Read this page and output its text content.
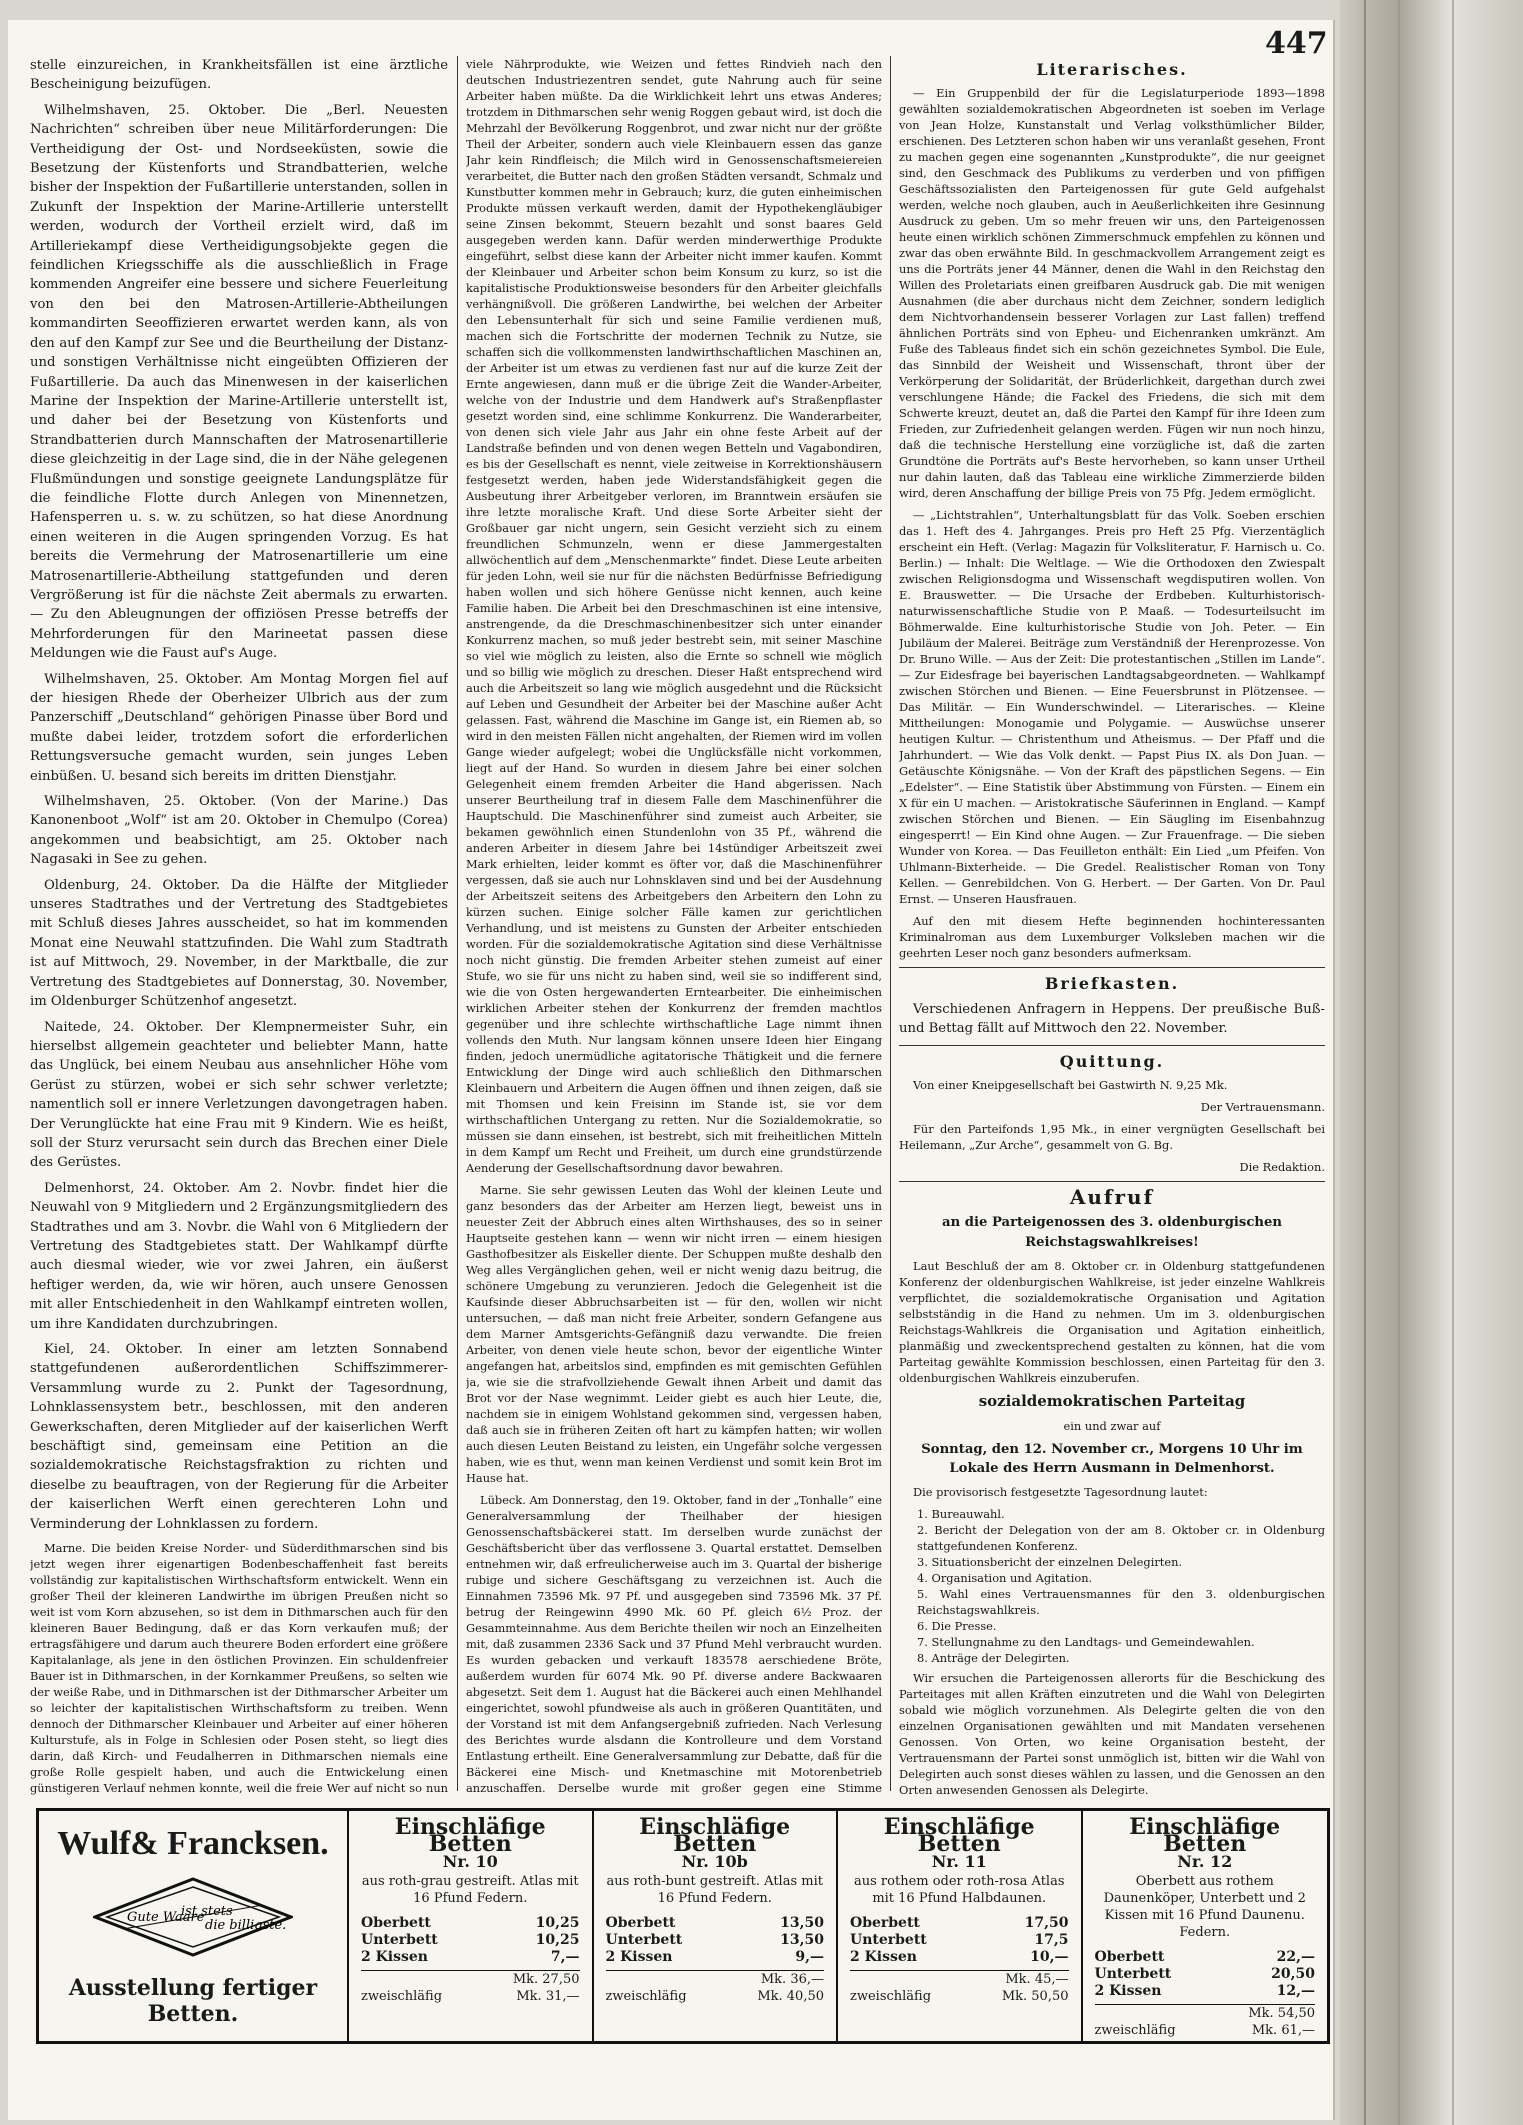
447

stelle einzureichen, in Krankheitsfällen ist eine ärztliche Bescheinigung beizufügen.

Wilhelmshaven, 25. Oktober. Die „Berl. Neuesten Nachrichten“ schreiben über neue Militärforderungen: Die Vertheidigung der Ost- und Nordseeküsten, sowie die Besetzung der Küstenforts und Strandbatterien, welche bisher der Inspektion der Fußartillerie unterstanden, sollen in Zukunft der Inspektion der Marine-Artillerie unterstellt werden, wodurch der Vortheil erzielt wird, daß im Artilleriekampf diese Vertheidigungsobjekte gegen die feindlichen Kriegsschiffe als die ausschließlich in Frage kommenden Angreifer eine bessere und sichere Feuerleitung von den bei den Matrosen-Artillerie-Abtheilungen kommandirten Seeoffizieren erwartet werden kann, als von den auf den Kampf zur See und die Beurtheilung der Distanz- und sonstigen Verhältnisse nicht eingeübten Offizieren der Fußartillerie. Da auch das Minenwesen in der kaiserlichen Marine der Inspektion der Marine-Artillerie unterstellt ist, und daher bei der Besetzung von Küstenforts und Strandbatterien durch Mannschaften der Matrosenartillerie diese gleichzeitig in der Lage sind, die in der Nähe gelegenen Flußmündungen und sonstige geeignete Landungsplätze für die feindliche Flotte durch Anlegen von Minennetzen, Hafensperren u. s. w. zu schützen, so hat diese Anordnung einen weiteren in die Augen springenden Vorzug. Es hat bereits die Vermehrung der Matrosenartillerie um eine Matrosenartillerie-Abtheilung stattgefunden und deren Vergrößerung ist für die nächste Zeit abermals zu erwarten. — Zu den Ableugnungen der offiziösen Presse betreffs der Mehrforderungen für den Marineetat passen diese Meldungen wie die Faust auf's Auge.

Wilhelmshaven, 25. Oktober. Am Montag Morgen fiel auf der hiesigen Rhede der Oberheizer Ulbrich aus der zum Panzerschiff „Deutschland“ gehörigen Pinasse über Bord und mußte dabei leider, trotzdem sofort die erforderlichen Rettungsversuche gemacht wurden, sein junges Leben einbüßen. U. besand sich bereits im dritten Dienstjahr.

Wilhelmshaven, 25. Oktober. (Von der Marine.) Das Kanonenboot „Wolf“ ist am 20. Oktober in Chemulpo (Corea) angekommen und beabsichtigt, am 25. Oktober nach Nagasaki in See zu gehen.

Oldenburg, 24. Oktober. Da die Hälfte der Mitglieder unseres Stadtrathes und der Vertretung des Stadtgebietes mit Schluß dieses Jahres ausscheidet, so hat im kommenden Monat eine Neuwahl stattzufinden. Die Wahl zum Stadtrath ist auf Mittwoch, 29. November, in der Marktballe, die zur Vertretung des Stadtgebietes auf Donnerstag, 30. November, im Oldenburger Schützenhof angesetzt.

Naitede, 24. Oktober. Der Klempnermeister Suhr, ein hierselbst allgemein geachteter und beliebter Mann, hatte das Unglück, bei einem Neubau aus ansehnlicher Höhe vom Gerüst zu stürzen, wobei er sich sehr schwer verletzte; namentlich soll er innere Verletzungen davongetragen haben. Der Verunglückte hat eine Frau mit 9 Kindern. Wie es heißt, soll der Sturz verursacht sein durch das Brechen einer Diele des Gerüstes.

Delmenhorst, 24. Oktober. Am 2. Novbr. findet hier die Neuwahl von 9 Mitgliedern und 2 Ergänzungsmitgliedern des Stadtrathes und am 3. Novbr. die Wahl von 6 Mitgliedern der Vertretung des Stadtgebietes statt. Der Wahlkampf dürfte auch diesmal wieder, wie vor zwei Jahren, ein äußerst heftiger werden, da, wie wir hören, auch unsere Genossen mit aller Entschiedenheit in den Wahlkampf eintreten wollen, um ihre Kandidaten durchzubringen.

Kiel, 24. Oktober. In einer am letzten Sonnabend stattgefundenen außerordentlichen Schiffszimmerer-Versammlung wurde zu 2. Punkt der Tagesordnung, Lohnklassensystem betr., beschlossen, mit den anderen Gewerkschaften, deren Mitglieder auf der kaiserlichen Werft beschäftigt sind, gemeinsam eine Petition an die sozialdemokratische Reichstagsfraktion zu richten und dieselbe zu beauftragen, von der Regierung für die Arbeiter der kaiserlichen Werft einen gerechteren Lohn und Verminderung der Lohnklassen zu fordern.

Marne. Die beiden Kreise Norder- und Süderdithmarschen sind bis jetzt wegen ihrer eigenartigen Bodenbeschaffenheit fast bereits vollständig zur kapitalistischen Wirthschaftsform entwickelt. Wenn ein großer Theil der kleineren Landwirthe im übrigen Preußen nicht so weit ist vom Korn abzusehen, so ist dem in Dithmarschen auch für den kleineren Bauer Bedingung, daß er das Korn verkaufen muß; der ertragsfähigere und darum auch theurere Boden erfordert eine größere Kapitalanlage, als jene in den östlichen Provinzen. Ein schuldenfreier Bauer ist in Dithmarschen, in der Kornkammer Preußens, so selten wie der weiße Rabe, und in Dithmarschen ist der Dithmarscher Arbeiter um so leichter der kapitalistischen Wirthschaftsform zu treiben. Wenn dennoch der Dithmarscher Kleinbauer und Arbeiter auf einer höheren Kulturstufe, als in Folge in Schlesien oder Posen steht, so liegt dies darin, daß Kirch- und Feudalherren in Dithmarschen niemals eine große Rolle gespielt haben, und auch die Entwickelung einen günstigeren Verlauf nehmen konnte, weil die freie Wer auf nicht so nun

viele Nährprodukte, wie Weizen und fettes Rindvieh nach den deutschen Industriezentren sendet, gute Nahrung auch für seine Arbeiter haben müßte. Da die Wirklichkeit lehrt uns etwas Anderes; trotzdem in Dithmarschen sehr wenig Roggen gebaut wird, ist doch die Mehrzahl der Bevölkerung Roggenbrot, und zwar nicht nur der größte Theil der Arbeiter, sondern auch viele Kleinbauern essen das ganze Jahr kein Rindfleisch; die Milch wird in Genossenschaftsmeiereien verarbeitet, die Butter nach den großen Städten versandt, Schmalz und Kunstbutter kommen mehr in Gebrauch; kurz, die guten einheimischen Produkte müssen verkauft werden, damit der Hypothekengläubiger seine Zinsen bekommt, Steuern bezahlt und sonst baares Geld ausgegeben werden kann. Dafür werden minderwerthige Produkte eingeführt, selbst diese kann der Arbeiter nicht immer kaufen. Kommt der Kleinbauer und Arbeiter schon beim Konsum zu kurz, so ist die kapitalistische Produktionsweise besonders für den Arbeiter gleichfalls verhängnißvoll. Die größeren Landwirthe, bei welchen der Arbeiter den Lebensunterhalt für sich und seine Familie verdienen muß, machen sich die Fortschritte der modernen Technik zu Nutze, sie schaffen sich die vollkommensten landwirthschaftlichen Maschinen an, der Arbeiter ist um etwas zu verdienen fast nur auf die kurze Zeit der Ernte angewiesen, dann muß er die übrige Zeit die Wander-Arbeiter, welche von der Industrie und dem Handwerk auf's Straßenpflaster gesetzt worden sind, eine schlimme Konkurrenz. Die Wanderarbeiter, von denen sich viele Jahr aus Jahr ein ohne feste Arbeit auf der Landstraße befinden und von denen wegen Betteln und Vagabondiren, es bis der Gesellschaft es nennt, viele zeitweise in Korrektionshäusern festgesetzt werden, haben jede Widerstandsfähigkeit gegen die Ausbeutung ihrer Arbeitgeber verloren, im Branntwein ersäufen sie ihre letzte moralische Kraft. Und diese Sorte Arbeiter sieht der Großbauer gar nicht ungern, sein Gesicht verzieht sich zu einem freundlichen Schmunzeln, wenn er diese Jammergestalten allwöchentlich auf dem „Menschenmarkte“ findet. Diese Leute arbeiten für jeden Lohn, weil sie nur für die nächsten Bedürfnisse Befriedigung haben wollen und sich höhere Genüsse nicht kennen, auch keine Familie haben. Die Arbeit bei den Dreschmaschinen ist eine intensive, anstrengende, da die Dreschmaschinenbesitzer sich unter einander Konkurrenz machen, so muß jeder bestrebt sein, mit seiner Maschine so viel wie möglich zu leisten, also die Ernte so schnell wie möglich und so billig wie möglich zu dreschen. Dieser Haßt entsprechend wird auch die Arbeitszeit so lang wie möglich ausgedehnt und die Rücksicht auf Leben und Gesundheit der Arbeiter bei der Maschine außer Acht gelassen. Fast, während die Maschine im Gange ist, ein Riemen ab, so wird in den meisten Fällen nicht angehalten, der Riemen wird im vollen Gange wieder aufgelegt; wobei die Unglücksfälle nicht vorkommen, liegt auf der Hand. So wurden in diesem Jahre bei einer solchen Gelegenheit einem fremden Arbeiter die Hand abgerissen. Nach unserer Beurtheilung traf in diesem Falle dem Maschinenführer die Hauptschuld. Die Maschinenführer sind zumeist auch Arbeiter, sie bekamen gewöhnlich einen Stundenlohn von 35 Pf., während die anderen Arbeiter in diesem Jahre bei 14stündiger Arbeitszeit zwei Mark erhielten, leider kommt es öfter vor, daß die Maschinenführer vergessen, daß sie auch nur Lohnsklaven sind und bei der Ausdehnung der Arbeitszeit seitens des Arbeitgebers den Arbeitern den Lohn zu kürzen suchen. Einige solcher Fälle kamen zur gerichtlichen Verhandlung, und ist meistens zu Gunsten der Arbeiter entschieden worden. Für die sozialdemokratische Agitation sind diese Verhältnisse noch nicht günstig. Die fremden Arbeiter stehen zumeist auf einer Stufe, wo sie für uns nicht zu haben sind, weil sie so indifferent sind, wie die von Osten hergewanderten Erntearbeiter. Die einheimischen wirklichen Arbeiter stehen der Konkurrenz der fremden machtlos gegenüber und ihre schlechte wirthschaftliche Lage nimmt ihnen vollends den Muth. Nur langsam können unsere Ideen hier Eingang finden, jedoch unermüdliche agitatorische Thätigkeit und die fernere Entwicklung der Dinge wird auch schließlich den Dithmarschen Kleinbauern und Arbeitern die Augen öffnen und ihnen zeigen, daß sie mit Thomsen und kein Freisinn im Stande ist, sie vor dem wirthschaftlichen Untergang zu retten. Nur die Sozialdemokratie, so müssen sie dann einsehen, ist bestrebt, sich mit freiheitlichen Mitteln in dem Kampf um Recht und Freiheit, um durch eine grundstürzende Aenderung der Gesellschaftsordnung davor bewahren.

Marne. Sie sehr gewissen Leuten das Wohl der kleinen Leute und ganz besonders das der Arbeiter am Herzen liegt, beweist uns in neuester Zeit der Abbruch eines alten Wirthshauses, des so in seiner Hauptseite gestehen kann — wenn wir nicht irren — einem hiesigen Gasthofbesitzer als Eiskeller diente. Der Schuppen mußte deshalb den Weg alles Vergänglichen gehen, weil er nicht wenig dazu beitrug, die schönere Umgebung zu verunzieren. Jedoch die Gelegenheit ist die Kaufsinde dieser Abbruchsarbeiten ist — für den, wollen wir nicht untersuchen, — daß man nicht freie Arbeiter, sondern Gefangene aus dem Marner Amtsgerichts-Gefängniß dazu verwandte. Die freien Arbeiter, von denen viele heute schon, bevor der eigentliche Winter angefangen hat, arbeitslos sind, empfinden es mit gemischten Gefühlen ja, wie sie die strafvollziehende Gewalt ihnen Arbeit und damit das Brot vor der Nase wegnimmt. Leider giebt es auch hier Leute, die, nachdem sie in einigem Wohlstand gekommen sind, vergessen haben, daß auch sie in früheren Zeiten oft hart zu kämpfen hatten; wir wollen auch diesen Leuten Beistand zu leisten, ein Ungefähr solche vergessen haben, wie es thut, wenn man keinen Verdienst und somit kein Brot im Hause hat.

Lübeck. Am Donnerstag, den 19. Oktober, fand in der „Tonhalle“ eine Generalversammlung der Theilhaber der hiesigen Genossenschaftsbäckerei statt. Im derselben wurde zunächst der Geschäftsbericht über das verflossene 3. Quartal erstattet. Demselben entnehmen wir, daß erfreulicherweise auch im 3. Quartal der bisherige rubige und sichere Geschäftsgang zu verzeichnen ist. Auch die Einnahmen 73596 Mk. 97 Pf. und ausgegeben sind 73596 Mk. 37 Pf. betrug der Reingewinn 4990 Mk. 60 Pf. gleich 6½ Proz. der Gesammteinnahme. Aus dem Berichte theilen wir noch an Einzelheiten mit, daß zusammen 2336 Sack und 37 Pfund Mehl verbraucht wurden. Es wurden gebacken und verkauft 183578 aerschiedene Bröte, außerdem wurden für 6074 Mk. 90 Pf. diverse andere Backwaaren abgesetzt. Seit dem 1. August hat die Bäckerei auch einen Mehlhandel eingerichtet, sowohl pfundweise als auch in größeren Quantitäten, und der Vorstand ist mit dem Anfangsergebniß zufrieden. Nach Verlesung des Berichtes wurde alsdann die Kontrolleure und dem Vorstand Entlastung ertheilt. Eine Generalversammlung zur Debatte, daß für die Bäckerei eine Misch- und Knetmaschine mit Motorenbetrieb anzuschaffen. Derselbe wurde mit großer gegen eine Stimme

Literarisches.

— Ein Gruppenbild der für die Legislaturperiode 1893—1898 gewählten sozialdemokratischen Abgeordneten ist soeben im Verlage von Jean Holze, Kunstanstalt und Verlag volksthümlicher Bilder, erschienen. Des Letzteren schon haben wir uns veranlaßt gesehen, Front zu machen gegen eine sogenannten „Kunstprodukte“, die nur geeignet sind, den Geschmack des Publikums zu verderben und von pfiffigen Geschäftssozialisten den Parteigenossen für gute Geld aufgehalst werden, welche noch glauben, auch in Aeußerlichkeiten ihre Gesinnung Ausdruck zu geben. Um so mehr freuen wir uns, den Parteigenossen heute einen wirklich schönen Zimmerschmuck empfehlen zu können und zwar das oben erwähnte Bild. In geschmackvollem Arrangement zeigt es uns die Porträts jener 44 Männer, denen die Wahl in den Reichstag den Willen des Proletariats einen greifbaren Ausdruck gab. Die mit wenigen Ausnahmen (die aber durchaus nicht dem Zeichner, sondern lediglich dem Nichtvorhandensein besserer Vorlagen zur Last fallen) treffend ähnlichen Porträts sind von Epheu- und Eichenranken umkränzt. Am Fuße des Tableaus findet sich ein schön gezeichnetes Symbol. Die Eule, das Sinnbild der Weisheit und Wissenschaft, thront über der Verkörperung der Solidarität, der Brüderlichkeit, dargethan durch zwei verschlungene Hände; die Fackel des Friedens, die sich mit dem Schwerte kreuzt, deutet an, daß die Partei den Kampf für ihre Ideen zum Frieden, zur Zufriedenheit gelangen werden. Fügen wir nun noch hinzu, daß die technische Herstellung eine vorzügliche ist, daß die zarten Grundtöne die Porträts auf's Beste hervorheben, so kann unser Urtheil nur dahin lauten, daß das Tableau eine wirkliche Zimmerzierde bilden wird, deren Anschaffung der billige Preis von 75 Pfg. Jedem ermöglicht.

— „Lichtstrahlen“, Unterhaltungsblatt für das Volk. Soeben erschien das 1. Heft des 4. Jahrganges. Preis pro Heft 25 Pfg. Vierzentäglich erscheint ein Heft. (Verlag: Magazin für Volksliteratur, F. Harnisch u. Co. Berlin.) — Inhalt: Die Weltlage. — Wie die Orthodoxen den Zwiespalt zwischen Religionsdogma und Wissenschaft wegdisputiren wollen. Von E. Brauswetter. — Die Ursache der Erdbeben. Kulturhistorisch-naturwissenschaftliche Studie von P. Maaß. — Todesurteilsucht im Böhmerwalde. Eine kulturhistorische Studie von Joh. Peter. — Ein Jubiläum der Malerei. Beiträge zum Verständniß der Herenprozesse. Von Dr. Bruno Wille. — Aus der Zeit: Die protestantischen „Stillen im Lande“. — Zur Eidesfrage bei bayerischen Landtagsabgeordneten. — Wahlkampf zwischen Störchen und Bienen. — Eine Feuersbrunst in Plötzensee. — Das Militär. — Ein Wunderschwindel. — Literarisches. — Kleine Mittheilungen: Monogamie und Polygamie. — Auswüchse unserer heutigen Kultur. — Christenthum und Atheismus. — Der Pfaff und die Jahrhundert. — Wie das Volk denkt. — Papst Pius IX. als Don Juan. — Getäuschte Königsnähe. — Von der Kraft des päpstlichen Segens. — Ein „Edelster“. — Eine Statistik über Abstimmung von Fürsten. — Einem ein X für ein U machen. — Aristokratische Säuferinnen in England. — Kampf zwischen Störchen und Bienen. — Ein Säugling im Eisenbahnzug eingesperrt! — Ein Kind ohne Augen. — Zur Frauenfrage. — Die sieben Wunder von Korea. — Das Feuilleton enthält: Ein Lied „um Pfeifen. Von Uhlmann-Bixterheide. — Die Gredel. Realistischer Roman von Tony Kellen. — Genrebildchen. Von G. Herbert. — Der Garten. Von Dr. Paul Ernst. — Unseren Hausfrauen.

Auf den mit diesem Hefte beginnenden hochinteressanten Kriminalroman aus dem Luxemburger Volksleben machen wir die geehrten Leser noch ganz besonders aufmerksam.

Briefkasten.

Verschiedenen Anfragern in Heppens. Der preußische Buß- und Bettag fällt auf Mittwoch den 22. November.

Quittung.

Von einer Kneipgesellschaft bei Gastwirth N. 9,25 Mk.

Der Vertrauensmann.

Für den Parteifonds 1,95 Mk., in einer vergnügten Gesellschaft bei Heilemann, „Zur Arche“, gesammelt von G. Bg.

Die Redaktion.

Aufruf

an die Parteigenossen des 3. oldenburgischen Reichstagswahlkreises!

Laut Beschluß der am 8. Oktober cr. in Oldenburg stattgefundenen Konferenz der oldenburgischen Wahlkreise, ist jeder einzelne Wahlkreis verpflichtet, die sozialdemokratische Organisation und Agitation selbstständig in die Hand zu nehmen. Um im 3. oldenburgischen Reichstags-Wahlkreis die Organisation und Agitation einheitlich, planmäßig und zweckentsprechend gestalten zu können, hat die vom Parteitag gewählte Kommission beschlossen, einen Parteitag für den 3. oldenburgischen Wahlkreis einzuberufen.

sozialdemokratischen Parteitag

ein und zwar auf

Sonntag, den 12. November cr., Morgens 10 Uhr im Lokale des Herrn Ausmann in Delmenhorst.

Die provisorisch festgesetzte Tagesordnung lautet:

1. Bureauwahl.
2. Bericht der Delegation von der am 8. Oktober cr. in Oldenburg stattgefundenen Konferenz.
3. Situationsbericht der einzelnen Delegirten.
4. Organisation und Agitation.
5. Wahl eines Vertrauensmannes für den 3. oldenburgischen Reichstagswahlkreis.
6. Die Presse.
7. Stellungnahme zu den Landtags- und Gemeindewahlen.
8. Anträge der Delegirten.

Wir ersuchen die Parteigenossen allerorts für die Beschickung des Parteitages mit allen Kräften einzutreten und die Wahl von Delegirten sobald wie möglich vorzunehmen. Als Delegirte gelten die von den einzelnen Organisationen gewählten und mit Mandaten versehenen Genossen. Von Orten, wo keine Organisation besteht, der Vertrauensmann der Partei sonst unmöglich ist, bitten wir die Wahl von Delegirten auch sonst dieses wählen zu lassen, und die Genossen an den Orten anwesenden Genossen als Delegirte.

Wulf& Francksen.
Gute Waare
ist stets
die billigste.
Ausstellung fertiger Betten.
Einschläfige Betten
Nr. 10
aus roth-grau gestreift. Atlas mit 16 Pfund Federn.
Oberbett	10,25
Unterbett	10,25
2 Kissen	7,—
Mk. 27,50
zweischläfig	Mk. 31,—
Einschläfige Betten
Nr. 10b
aus roth-bunt gestreift. Atlas mit 16 Pfund Federn.
Oberbett	13,50
Unterbett	13,50
2 Kissen	9,—
Mk. 36,—
zweischläfig	Mk. 40,50
Einschläfige Betten
Nr. 11
aus rothem oder roth-rosa Atlas mit 16 Pfund Halbdaunen.
Oberbett	17,50
Unterbett	17,5
2 Kissen	10,—
Mk. 45,—
zweischläfig	Mk. 50,50
Einschläfige Betten
Nr. 12
Oberbett aus rothem Daunenköper, Unterbett und 2 Kissen mit 16 Pfund Daunenu. Federn.
Oberbett	22,—
Unterbett	20,50
2 Kissen	12,—
Mk. 54,50
zweischläfig	Mk. 61,—
